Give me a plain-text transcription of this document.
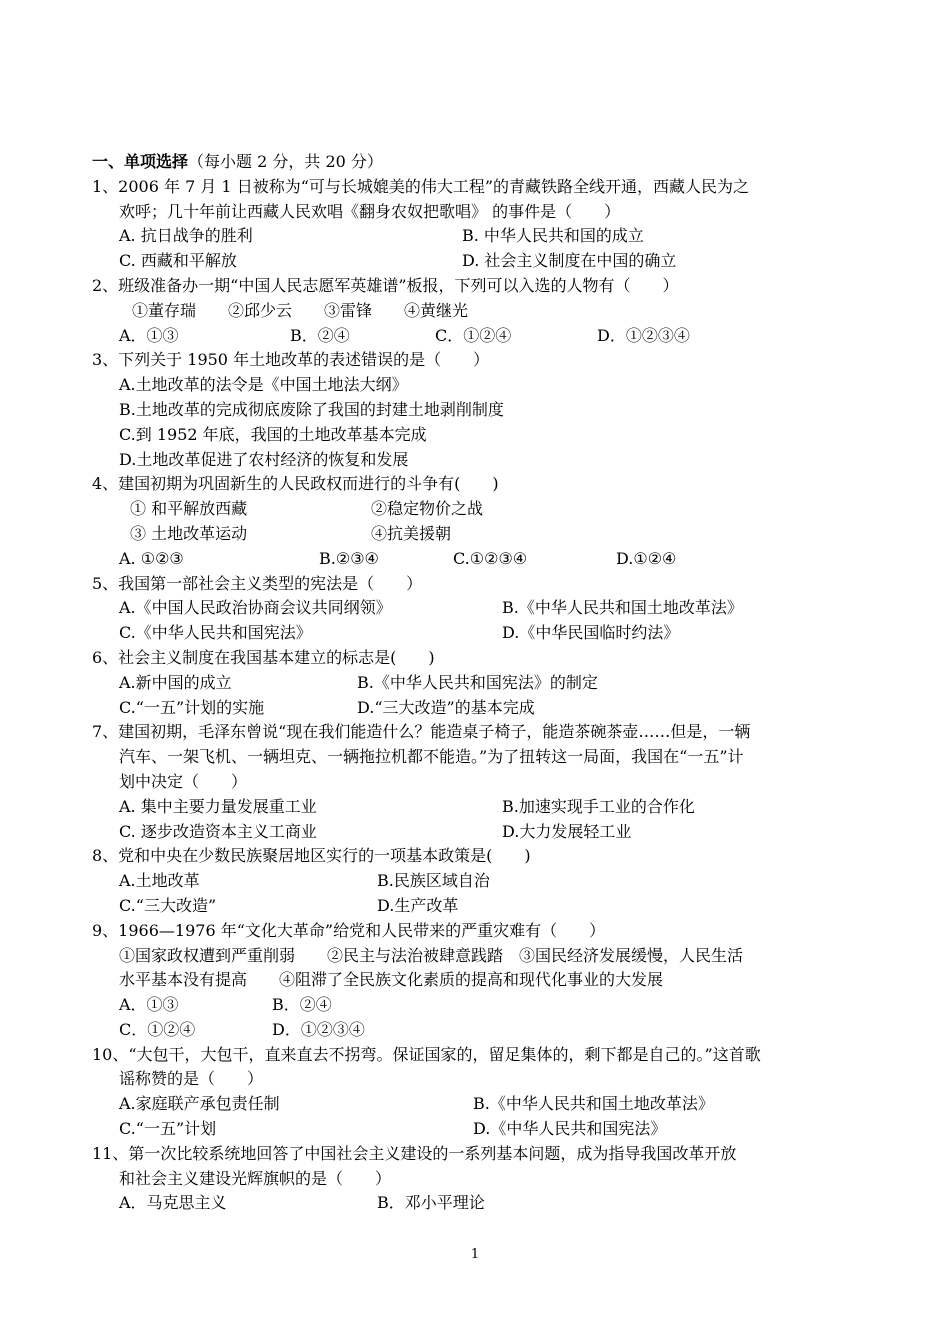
一、单项选择（每小题 2 分，共 20 分）
1、2006 年 7 月 1 日被称为“可与长城媲美的伟大工程”的青藏铁路全线开通，西藏人民为之
欢呼；几十年前让西藏人民欢唱《翻身农奴把歌唱》 的事件是（　　）
A. 抗日战争的胜利	B. 中华人民共和国的成立
C. 西藏和平解放	D. 社会主义制度在中国的确立
2、班级准备办一期“中国人民志愿军英雄谱”板报，下列可以入选的人物有（　　）
①董存瑞　　②邱少云　　③雷锋　　④黄继光
A．①③	B．②④	C．①②④	D．①②③④
3、下列关于 1950 年土地改革的表述错误的是（　　）
A.土地改革的法令是《中国土地法大纲》
B.土地改革的完成彻底废除了我国的封建土地剥削制度
C.到 1952 年底，我国的土地改革基本完成
D.土地改革促进了农村经济的恢复和发展
4、建国初期为巩固新生的人民政权而进行的斗争有(　　)
① 和平解放西藏	②稳定物价之战
③ 土地改革运动	④抗美援朝
A. ①②③	B.②③④	C.①②③④	D.①②④
5、我国第一部社会主义类型的宪法是（　　）
A.《中国人民政治协商会议共同纲领》	B.《中华人民共和国土地改革法》
C.《中华人民共和国宪法》	D.《中华民国临时约法》
6、社会主义制度在我国基本建立的标志是(　　)
A.新中国的成立	B.《中华人民共和国宪法》的制定
C.“一五”计划的实施	D.“三大改造”的基本完成
7、建国初期，毛泽东曾说“现在我们能造什么？能造桌子椅子，能造茶碗茶壶……但是，一辆
汽车、一架飞机、一辆坦克、一辆拖拉机都不能造。”为了扭转这一局面，我国在“一五”计
划中决定（　　）
A. 集中主要力量发展重工业	B.加速实现手工业的合作化
C. 逐步改造资本主义工商业	D.大力发展轻工业
8、党和中央在少数民族聚居地区实行的一项基本政策是(　　)
A.土地改革	B.民族区域自治
C.“三大改造”	D.生产改革
9、1966—1976 年“文化大革命”给党和人民带来的严重灾难有（　　）
①国家政权遭到严重削弱　　②民主与法治被肆意践踏　③国民经济发展缓慢，人民生活
水平基本没有提高　　④阻滞了全民族文化素质的提高和现代化事业的大发展
A．①③	B．②④
C．①②④	D．①②③④
10、“大包干，大包干，直来直去不拐弯。保证国家的，留足集体的，剩下都是自己的。”这首歌
谣称赞的是（　　）
A.家庭联产承包责任制	B.《中华人民共和国土地改革法》
C.“一五”计划	D.《中华人民共和国宪法》
11、第一次比较系统地回答了中国社会主义建设的一系列基本问题，成为指导我国改革开放
和社会主义建设光辉旗帜的是（　　）
A．马克思主义	B．邓小平理论
1
